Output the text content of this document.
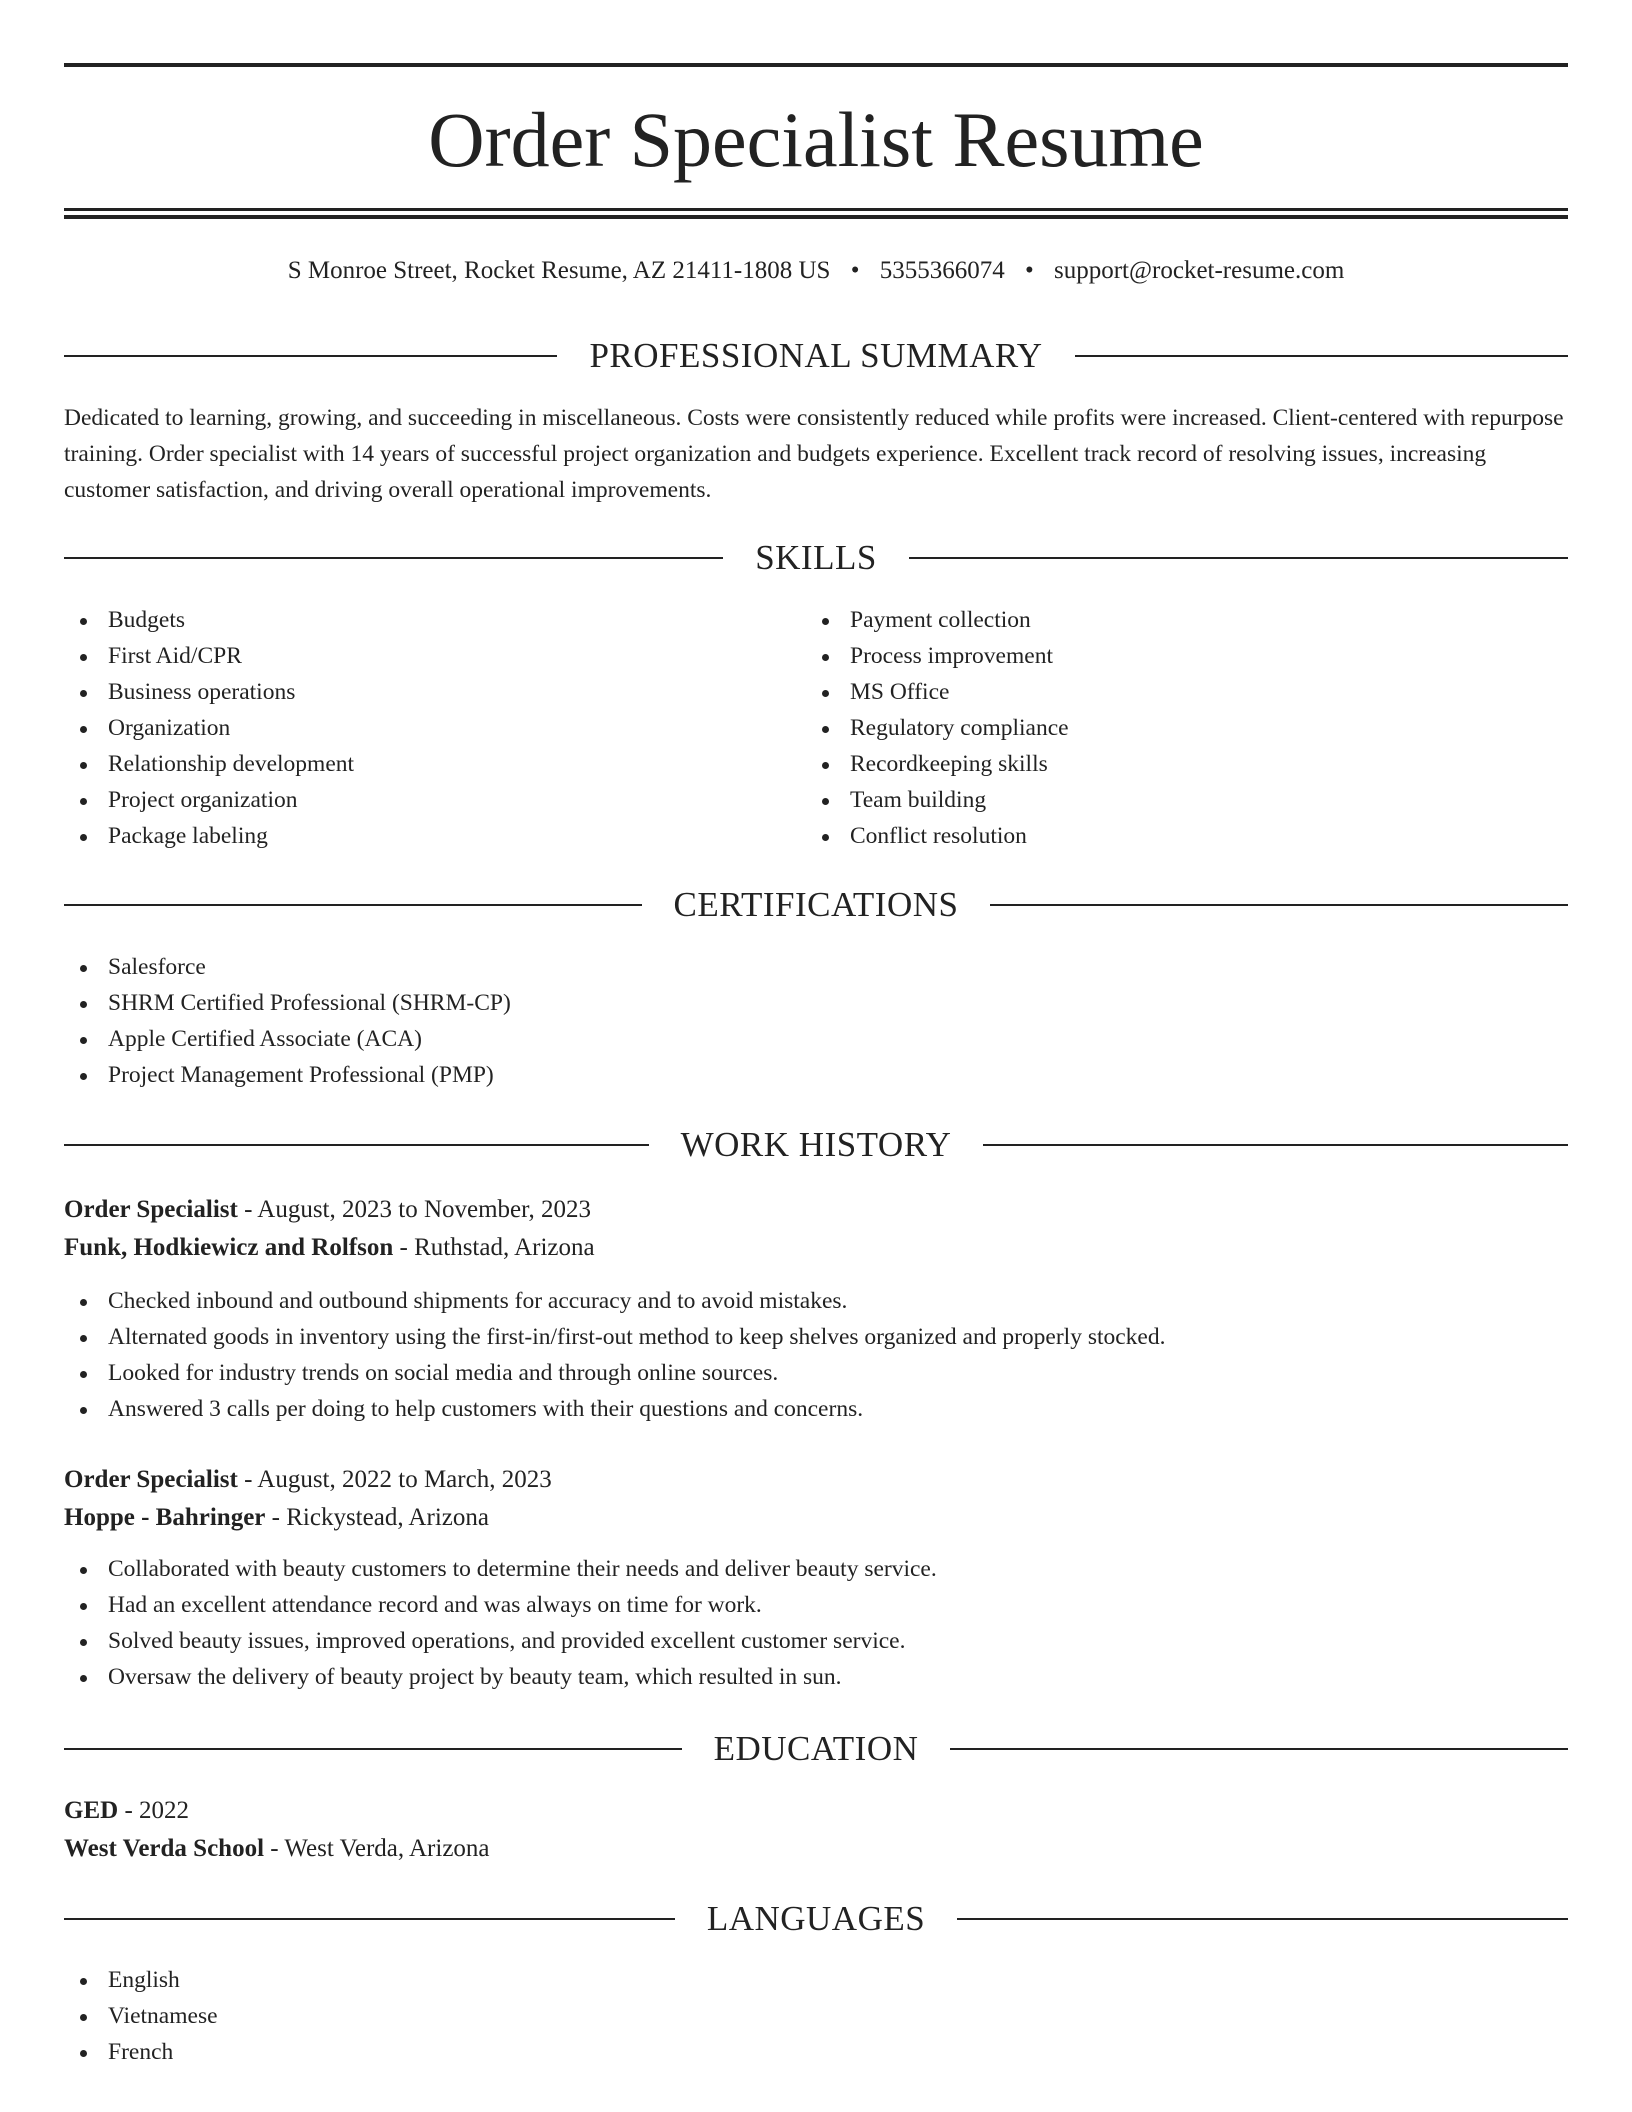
Order Specialist Resume
S Monroe Street, Rocket Resume, AZ 21411-1808 US • 5355366074 • support@rocket-resume.com
PROFESSIONAL SUMMARY

Dedicated to learning, growing, and succeeding in miscellaneous. Costs were consistently reduced while profits were increased. Client-centered with repurpose training. Order specialist with 14 years of successful project organization and budgets experience. Excellent track record of resolving issues, increasing customer satisfaction, and driving overall operational improvements.

SKILLS
Budgets
First Aid/CPR
Business operations
Organization
Relationship development
Project organization
Package labeling
Payment collection
Process improvement
MS Office
Regulatory compliance
Recordkeeping skills
Team building
Conflict resolution
CERTIFICATIONS
Salesforce
SHRM Certified Professional (SHRM-CP)
Apple Certified Associate (ACA)
Project Management Professional (PMP)
WORK HISTORY
Order Specialist - August, 2023 to November, 2023
Funk, Hodkiewicz and Rolfson - Ruthstad, Arizona
Checked inbound and outbound shipments for accuracy and to avoid mistakes.
Alternated goods in inventory using the first-in/first-out method to keep shelves organized and properly stocked.
Looked for industry trends on social media and through online sources.
Answered 3 calls per doing to help customers with their questions and concerns.
Order Specialist - August, 2022 to March, 2023
Hoppe - Bahringer - Rickystead, Arizona
Collaborated with beauty customers to determine their needs and deliver beauty service.
Had an excellent attendance record and was always on time for work.
Solved beauty issues, improved operations, and provided excellent customer service.
Oversaw the delivery of beauty project by beauty team, which resulted in sun.
EDUCATION
GED - 2022
West Verda School - West Verda, Arizona
LANGUAGES
English
Vietnamese
French
